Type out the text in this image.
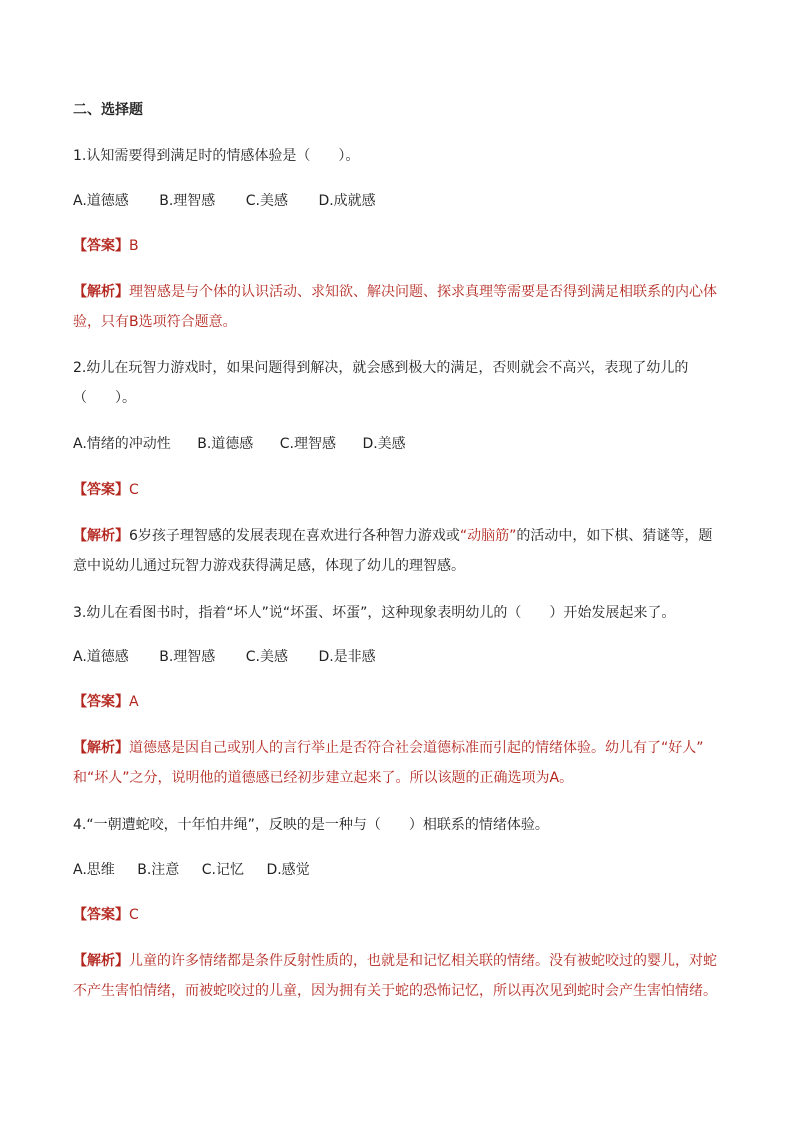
二、选择题
1.认知需要得到满足时的情感体验是（　　）。
A.道德感 B.理智感 C.美感 D.成就感
【答案】B
【解析】理智感是与个体的认识活动、求知欲、解决问题、探求真理等需要是否得到满足相联系的内心体
验，只有B选项符合题意。
2.幼儿在玩智力游戏时，如果问题得到解决，就会感到极大的满足，否则就会不高兴，表现了幼儿的
（　　）。
A.情绪的冲动性 B.道德感 C.理智感 D.美感
【答案】C
【解析】6岁孩子理智感的发展表现在喜欢进行各种智力游戏或“动脑筋”的活动中，如下棋、猜谜等，题
意中说幼儿通过玩智力游戏获得满足感，体现了幼儿的理智感。
3.幼儿在看图书时，指着“坏人”说“坏蛋、坏蛋”，这种现象表明幼儿的（　　）开始发展起来了。
A.道德感 B.理智感 C.美感 D.是非感
【答案】A
【解析】道德感是因自己或别人的言行举止是否符合社会道德标准而引起的情绪体验。幼儿有了“好人”
和“坏人”之分，说明他的道德感已经初步建立起来了。所以该题的正确选项为A。
4.“一朝遭蛇咬，十年怕井绳”，反映的是一种与（　　）相联系的情绪体验。
A.思维 B.注意 C.记忆 D.感觉
【答案】C
【解析】儿童的许多情绪都是条件反射性质的，也就是和记忆相关联的情绪。没有被蛇咬过的婴儿，对蛇
不产生害怕情绪，而被蛇咬过的儿童，因为拥有关于蛇的恐怖记忆，所以再次见到蛇时会产生害怕情绪。
